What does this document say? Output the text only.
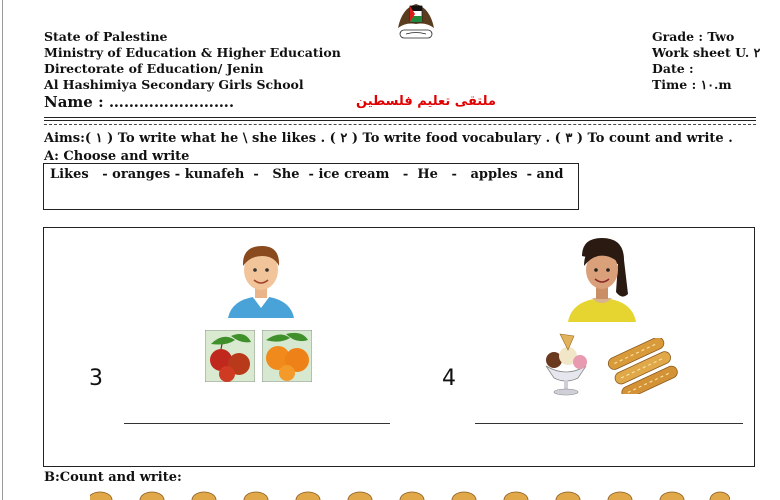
State of Palestine
Ministry of Education & Higher Education
Directorate of Education/ Jenin
Al Hashimiya Secondary Girls School
Grade : Two
Work sheet U. ٢
Date :
Time : ١٠.m
Name : …………………….	ملتقى تعليم فلسطين
Aims:( ١ ) To write what he \ she likes . ( ٢ ) To write food vocabulary . ( ٣ ) To count and write .
A: Choose and write
Likes   - oranges - kunafeh  -   She  - ice cream   -  He   -   apples  - and
3	4
B:Count and write:
